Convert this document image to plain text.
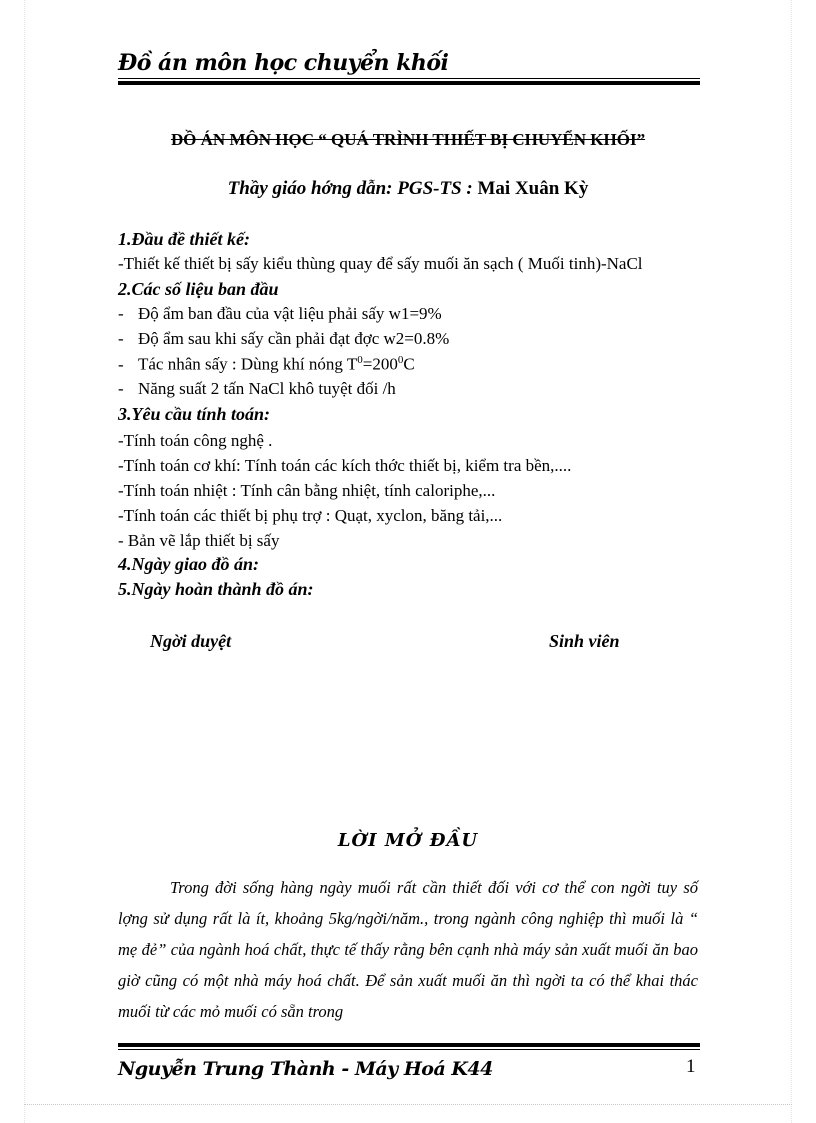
Đồ án môn học chuyển khối
ĐỒ ÁN MÔN HỌC “ QUÁ TRÌNH THIẾT BỊ CHUYỂN KHỐI”
Thầy giáo hớng dẫn: PGS-TS : Mai Xuân Kỳ
1.Đầu đề thiết kế:
-Thiết kế thiết bị sấy kiểu thùng quay để sấy muối ăn sạch ( Muối tinh)-NaCl
2.Các số liệu ban đầu
- Độ ẩm ban đầu của vật liệu phải sấy w1=9%
- Độ ẩm sau khi sấy cần phải đạt đợc w2=0.8%
- Tác nhân sấy : Dùng khí nóng $T^0=200^0C$
- Năng suất 2 tấn NaCl khô tuyệt đối /h
3.Yêu cầu tính toán:
-Tính toán công nghệ .
-Tính toán cơ khí: Tính toán các kích thớc thiết bị, kiểm tra bền,....
-Tính toán nhiệt : Tính cân bằng nhiệt, tính caloriphe,...
-Tính toán các thiết bị phụ trợ : Quạt, xyclon, băng tải,...
- Bản vẽ lắp thiết bị sấy
4.Ngày giao đồ án:
5.Ngày hoàn thành đồ án:
Ngời duyệt	Sinh viên
LỜI MỞ ĐẦU
Trong đời sống hàng ngày muối rất cần thiết đối với cơ thể con ngời tuy số lợng sử dụng rất là ít, khoảng 5kg/ngời/năm., trong ngành công nghiệp thì muối là “ mẹ đẻ” của ngành hoá chất, thực tế thấy rằng bên cạnh nhà máy sản xuất muối ăn bao giờ cũng có một nhà máy hoá chất. Để sản xuất muối ăn thì ngời ta có thể khai thác muối từ các mỏ muối có sẵn trong
Nguyễn Trung Thành - Máy Hoá K44	1
